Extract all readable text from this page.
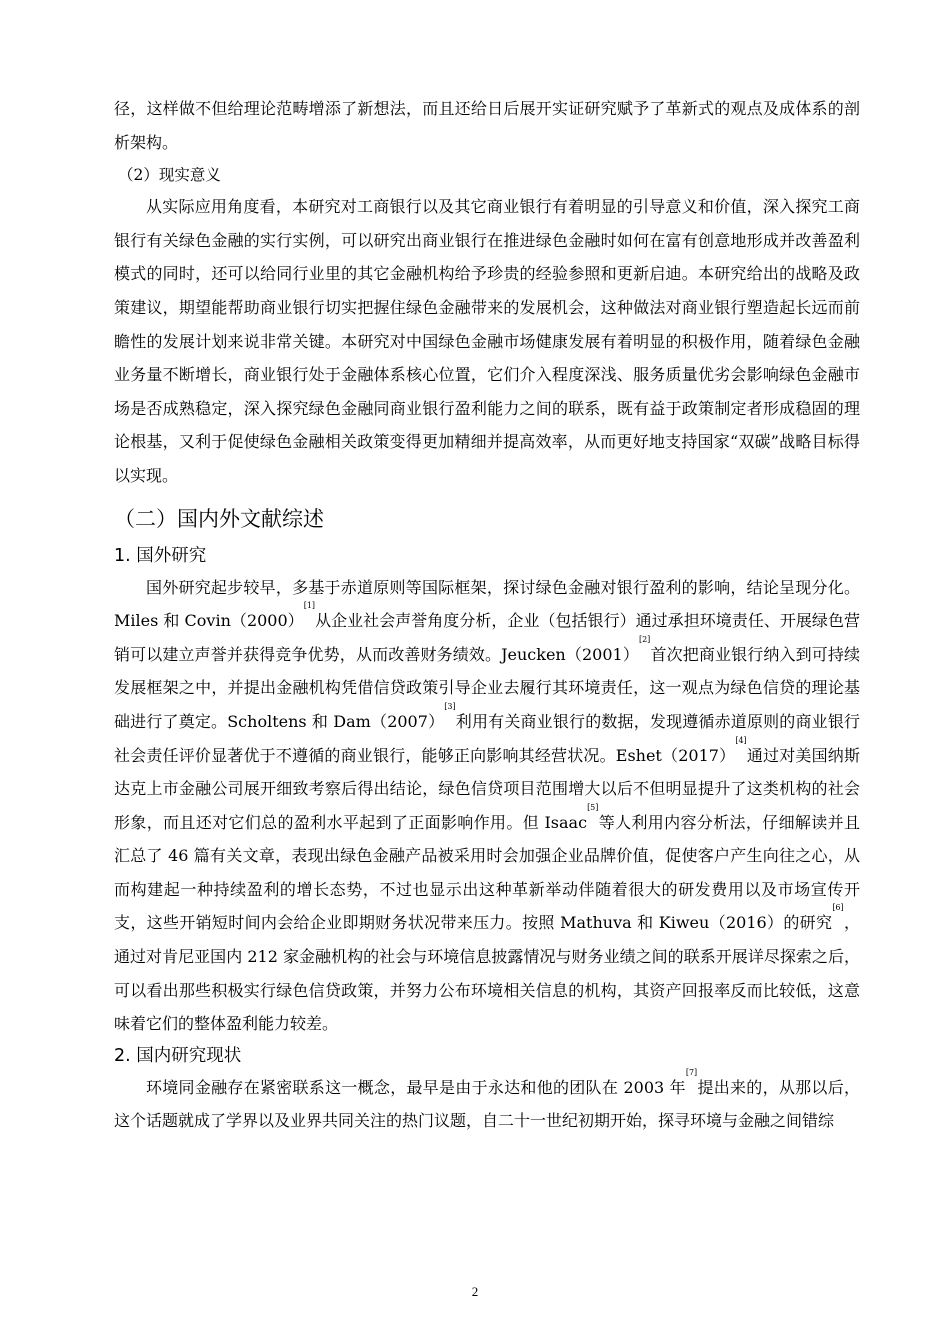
径，这样做不但给理论范畴增添了新想法，而且还给日后展开实证研究赋予了革新式的观点及成体系的剖析架构。

（2）现实意义

从实际应用角度看，本研究对工商银行以及其它商业银行有着明显的引导意义和价值，深入探究工商银行有关绿色金融的实行实例，可以研究出商业银行在推进绿色金融时如何在富有创意地形成并改善盈利模式的同时，还可以给同行业里的其它金融机构给予珍贵的经验参照和更新启迪。本研究给出的战略及政策建议，期望能帮助商业银行切实把握住绿色金融带来的发展机会，这种做法对商业银行塑造起长远而前瞻性的发展计划来说非常关键。本研究对中国绿色金融市场健康发展有着明显的积极作用，随着绿色金融业务量不断增长，商业银行处于金融体系核心位置，它们介入程度深浅、服务质量优劣会影响绿色金融市场是否成熟稳定，深入探究绿色金融同商业银行盈利能力之间的联系，既有益于政策制定者形成稳固的理论根基，又利于促使绿色金融相关政策变得更加精细并提高效率，从而更好地支持国家“双碳”战略目标得以实现。

（二）国内外文献综述
1. 国外研究

国外研究起步较早，多基于赤道原则等国际框架，探讨绿色金融对银行盈利的影响，结论呈现分化。Miles 和 Covin（2000）[1]从企业社会声誉角度分析，企业（包括银行）通过承担环境责任、开展绿色营销可以建立声誉并获得竞争优势，从而改善财务绩效。Jeucken（2001）[2]首次把商业银行纳入到可持续发展框架之中，并提出金融机构凭借信贷政策引导企业去履行其环境责任，这一观点为绿色信贷的理论基础进行了奠定。Scholtens 和 Dam（2007）[3]利用有关商业银行的数据，发现遵循赤道原则的商业银行社会责任评价显著优于不遵循的商业银行，能够正向影响其经营状况。Eshet（2017）[4]通过对美国纳斯达克上市金融公司展开细致考察后得出结论，绿色信贷项目范围增大以后不但明显提升了这类机构的社会形象，而且还对它们总的盈利水平起到了正面影响作用。但 Isaac[5]等人利用内容分析法，仔细解读并且汇总了 46 篇有关文章，表现出绿色金融产品被采用时会加强企业品牌价值，促使客户产生向往之心，从而构建起一种持续盈利的增长态势，不过也显示出这种革新举动伴随着很大的研发费用以及市场宣传开支，这些开销短时间内会给企业即期财务状况带来压力。按照 Mathuva 和 Kiweu（2016）的研究[6]，通过对肯尼亚国内 212 家金融机构的社会与环境信息披露情况与财务业绩之间的联系开展详尽探索之后，可以看出那些积极实行绿色信贷政策，并努力公布环境相关信息的机构，其资产回报率反而比较低，这意味着它们的整体盈利能力较差。

2. 国内研究现状

环境同金融存在紧密联系这一概念，最早是由于永达和他的团队在 2003 年[7]提出来的，从那以后，这个话题就成了学界以及业界共同关注的热门议题，自二十一世纪初期开始，探寻环境与金融之间错综

2
